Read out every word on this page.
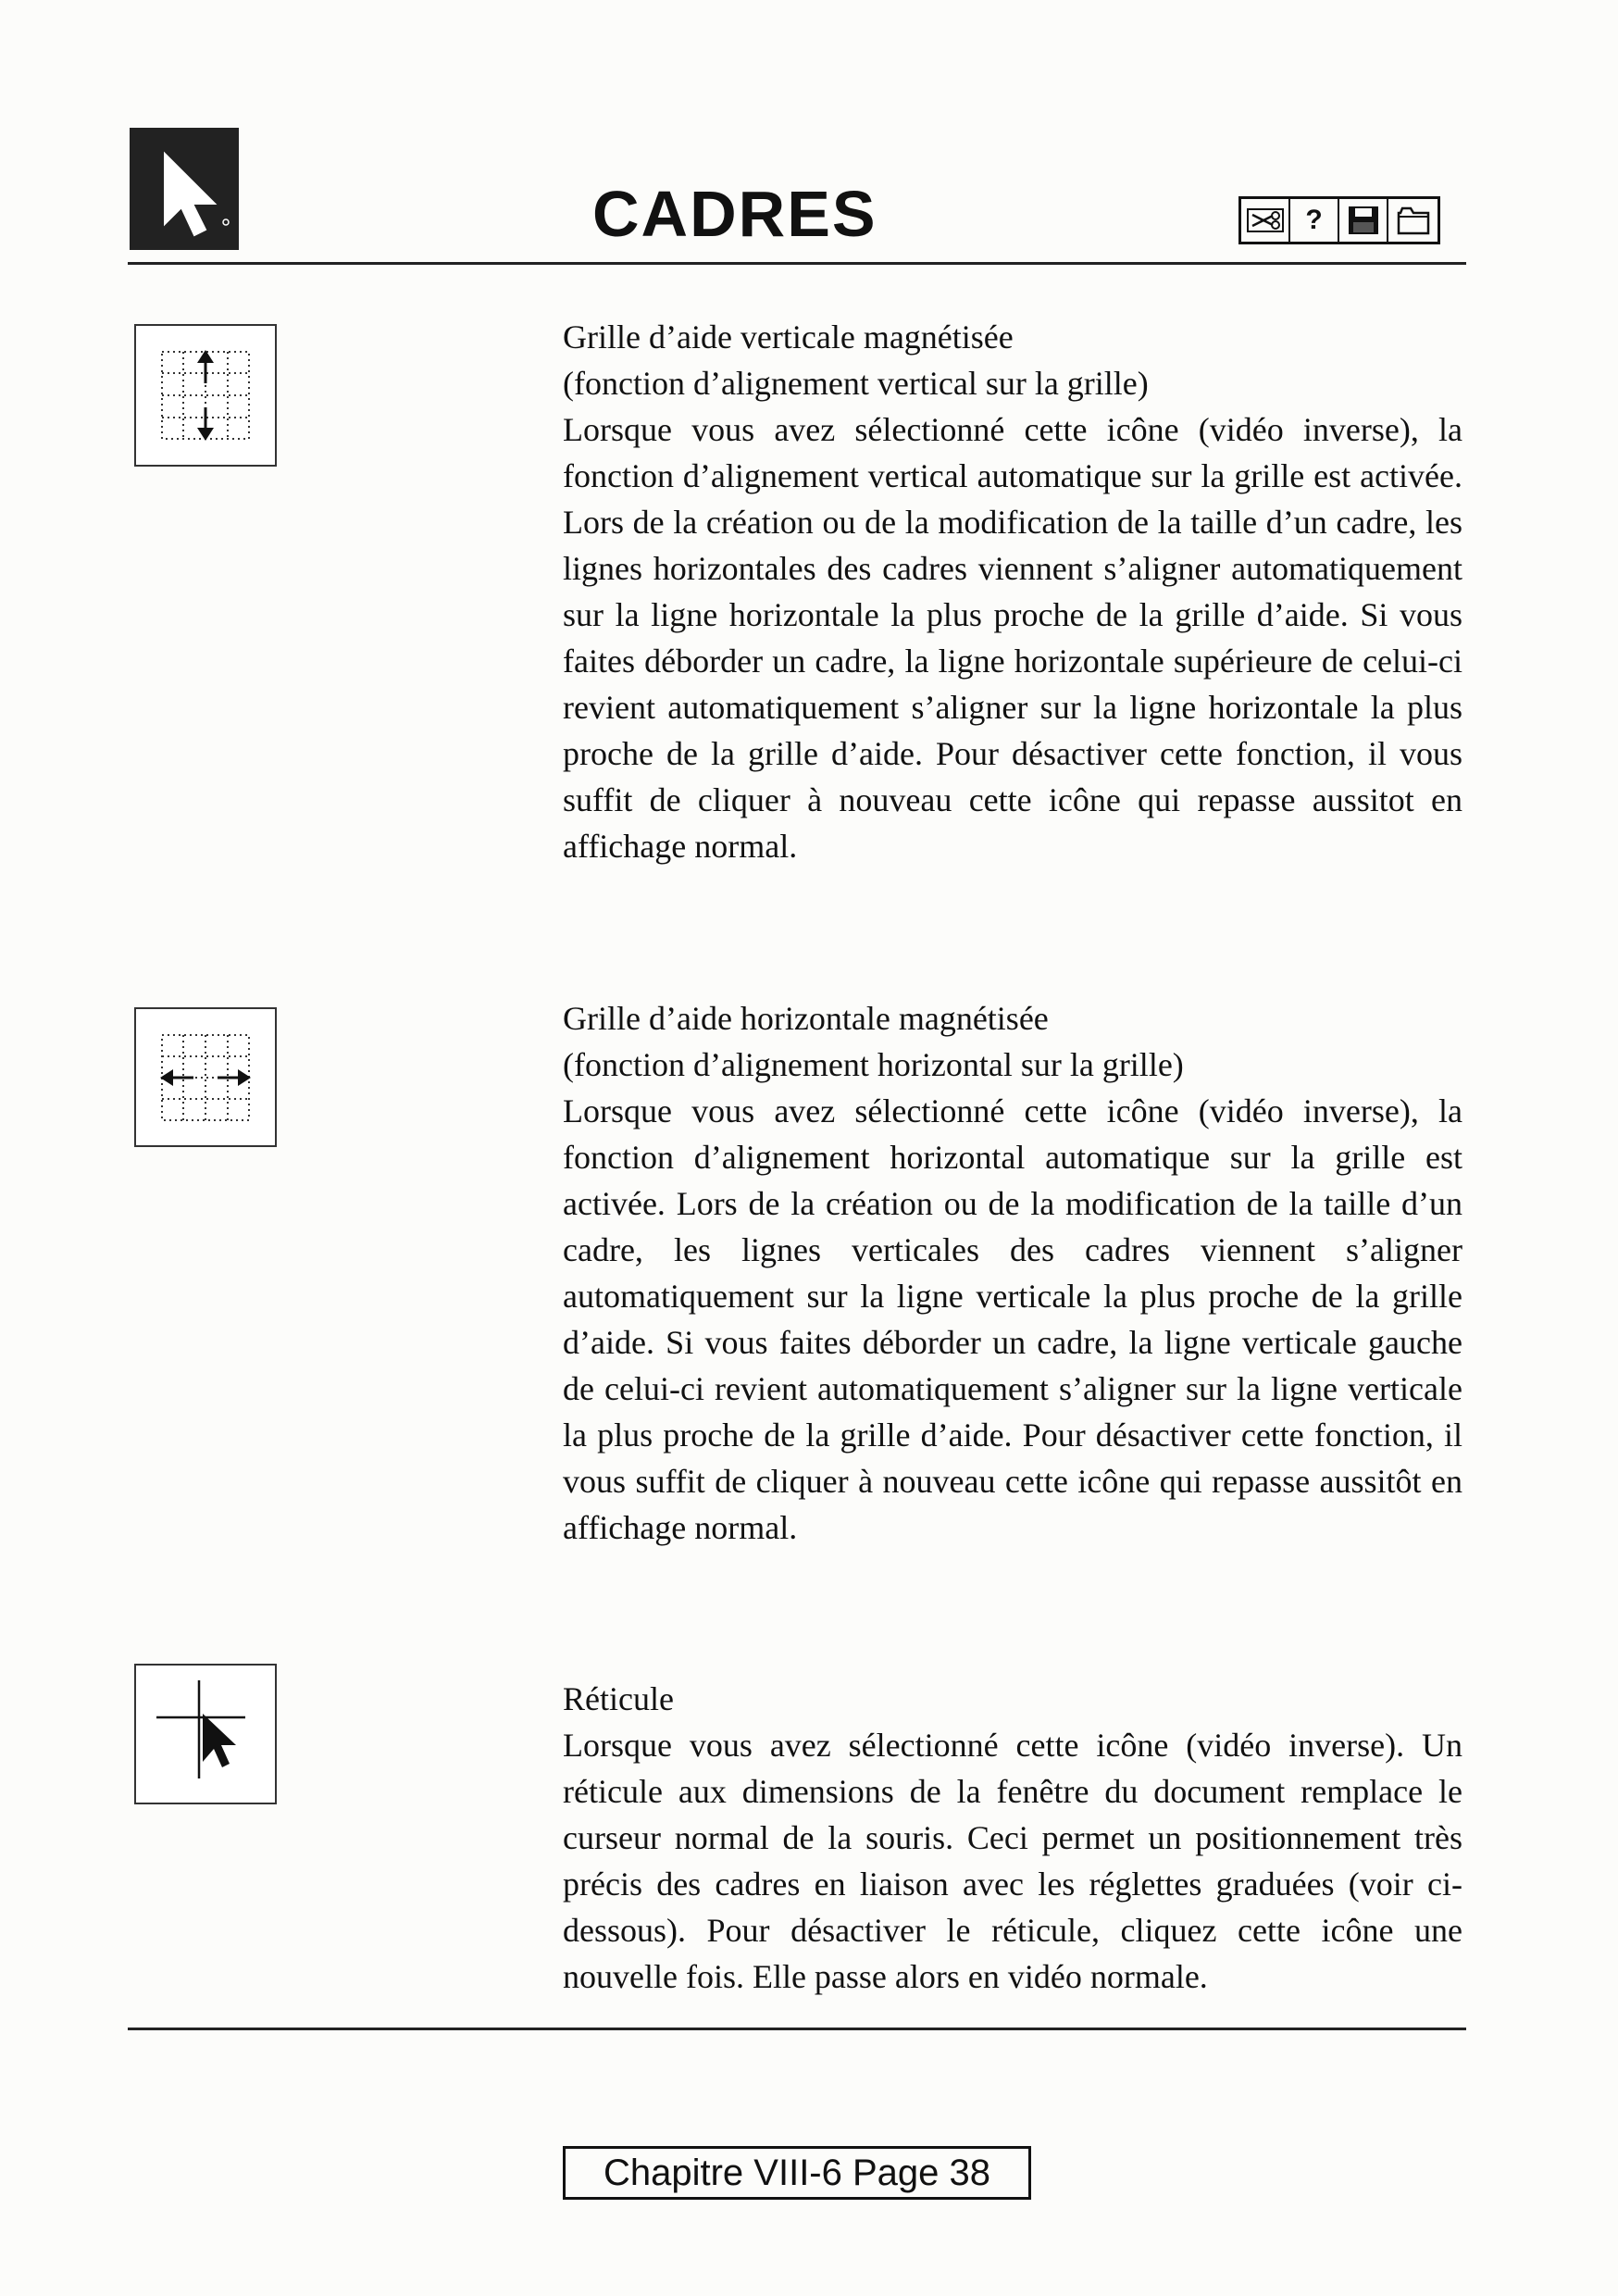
CADRES	?
Grille d’aide verticale magnétisée
(fonction d’alignement vertical sur la grille)

Lorsque vous avez sélectionné cette icône (vidéo inverse), la fonction d’alignement vertical automatique sur la grille est activée. Lors de la création ou de la modification de la taille d’un cadre, les lignes horizontales des cadres viennent s’aligner automatiquement sur la ligne horizontale la plus proche de la grille d’aide. Si vous faites déborder un cadre, la ligne horizontale supérieure de celui-ci revient automatiquement s’aligner sur la ligne horizontale la plus proche de la grille d’aide. Pour désactiver cette fonction, il vous suffit de cliquer à nouveau cette icône qui repasse aussitot en affichage normal.

Grille d’aide horizontale magnétisée
(fonction d’alignement horizontal sur la grille)

Lorsque vous avez sélectionné cette icône (vidéo inverse), la fonction d’alignement horizontal automatique sur la grille est activée. Lors de la création ou de la modification de la taille d’un cadre, les lignes verticales des cadres viennent s’aligner automatiquement sur la ligne verticale la plus proche de la grille d’aide. Si vous faites déborder un cadre, la ligne verticale gauche de celui-ci revient automatiquement s’aligner sur la ligne verticale la plus proche de la grille d’aide. Pour désactiver cette fonction, il vous suffit de cliquer à nouveau cette icône qui repasse aussitôt en affichage normal.

Réticule

Lorsque vous avez sélectionné cette icône (vidéo inverse). Un réticule aux dimensions de la fenêtre du document remplace le curseur normal de la souris. Ceci permet un positionnement très précis des cadres en liaison avec les réglettes graduées (voir ci-dessous). Pour désactiver le réticule, cliquez cette icône une nouvelle fois. Elle passe alors en vidéo normale.

Chapitre VIII-6 Page 38
